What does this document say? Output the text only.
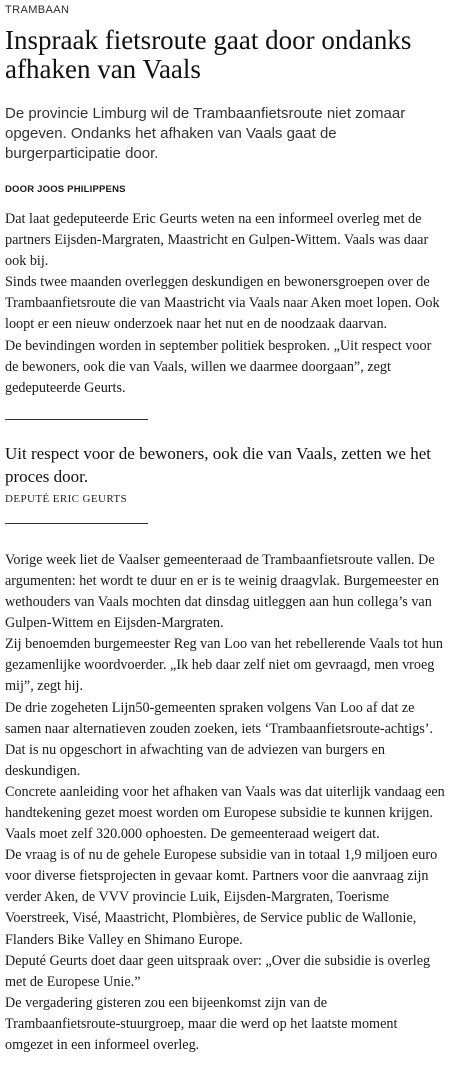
TRAMBAAN
Inspraak fietsroute gaat door ondanks afhaken van Vaals

De provincie Limburg wil de Trambaanfietsroute niet zomaar opgeven. Ondanks het afhaken van Vaals gaat de burgerparticipatie door.

DOOR JOOS PHILIPPENS

Dat laat gedeputeerde Eric Geurts weten na een informeel overleg met de partners Eijsden-Margraten, Maastricht en Gulpen-Wittem. Vaals was daar ook bij.

Sinds twee maanden overleggen deskundigen en bewonersgroepen over de Trambaanfietsroute die van Maastricht via Vaals naar Aken moet lopen. Ook loopt er een nieuw onderzoek naar het nut en de noodzaak daarvan.

De bevindingen worden in september politiek besproken. „Uit respect voor de bewoners, ook die van Vaals, willen we daarmee doorgaan”, zegt gedeputeerde Geurts.

Uit respect voor de bewoners, ook die van Vaals, zetten we het proces door.

DEPUTÉ ERIC GEURTS

Vorige week liet de Vaalser gemeenteraad de Trambaanfietsroute vallen. De argumenten: het wordt te duur en er is te weinig draagvlak. Burgemeester en wethouders van Vaals mochten dat dinsdag uitleggen aan hun collega’s van Gulpen-Wittem en Eijsden-Margraten.

Zij benoemden burgemeester Reg van Loo van het rebellerende Vaals tot hun gezamenlijke woordvoerder. „Ik heb daar zelf niet om gevraagd, men vroeg mij”, zegt hij.

De drie zogeheten Lijn50-gemeenten spraken volgens Van Loo af dat ze samen naar alternatieven zouden zoeken, iets ‘Trambaanfietsroute-achtigs’. Dat is nu opgeschort in afwachting van de adviezen van burgers en deskundigen.

Concrete aanleiding voor het afhaken van Vaals was dat uiterlijk vandaag een handtekening gezet moest worden om Europese subsidie te kunnen krijgen. Vaals moet zelf 320.000 ophoesten. De gemeenteraad weigert dat.

De vraag is of nu de gehele Europese subsidie van in totaal 1,9 miljoen euro voor diverse fietsprojecten in gevaar komt. Partners voor die aanvraag zijn verder Aken, de VVV provincie Luik, Eijsden-Margraten, Toerisme Voerstreek, Visé, Maastricht, Plombières, de Service public de Wallonie, Flanders Bike Valley en Shimano Europe.

Deputé Geurts doet daar geen uitspraak over: „Over die subsidie is overleg met de Europese Unie.”

De vergadering gisteren zou een bijeenkomst zijn van de Trambaanfietsroute-stuurgroep, maar die werd op het laatste moment omgezet in een informeel overleg.
